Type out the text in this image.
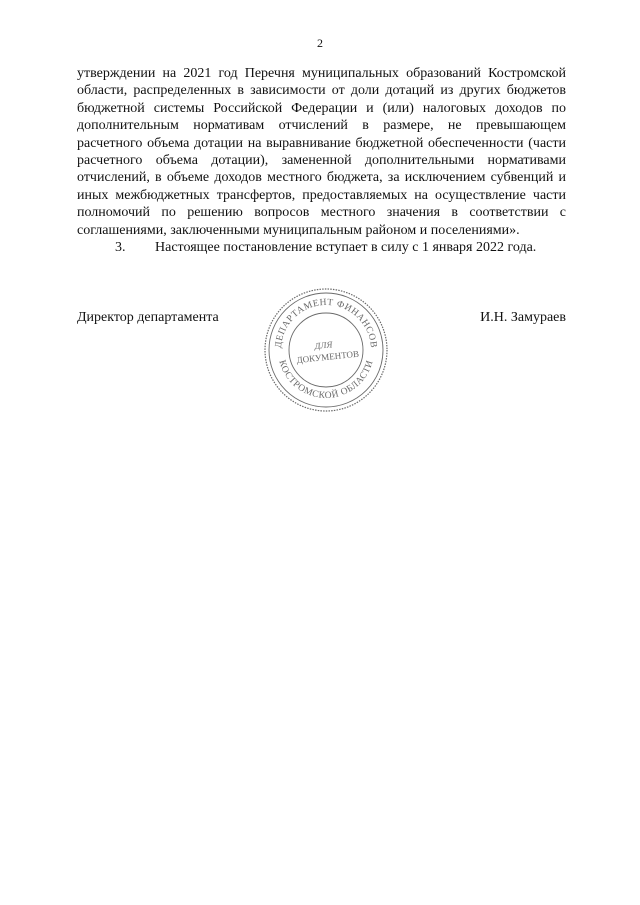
2

утверждении на 2021 год Перечня муниципальных образований Костромской области, распределенных в зависимости от доли дотаций из других бюджетов бюджетной системы Российской Федерации и (или) налоговых доходов по дополнительным нормативам отчислений в размере, не превышающем расчетного объема дотации на выравнивание бюджетной обеспеченности (части расчетного объема дотации), замененной дополнительными нормативами отчислений, в объеме доходов местного бюджета, за исключением субвенций и иных межбюджетных трансфертов, предоставляемых на осуществление части полномочий по решению вопросов местного значения в соответствии с соглашениями, заключенными муниципальным районом и поселениями».

3.	Настоящее постановление вступает в силу с 1 января 2022 года.

Директор департамента	И.Н. Замураев
ДЕПАРТАМЕНТ ФИНАНСОВ
КОСТРОМСКОЙ ОБЛАСТИ
ДЛЯ
ДОКУМЕНТОВ
